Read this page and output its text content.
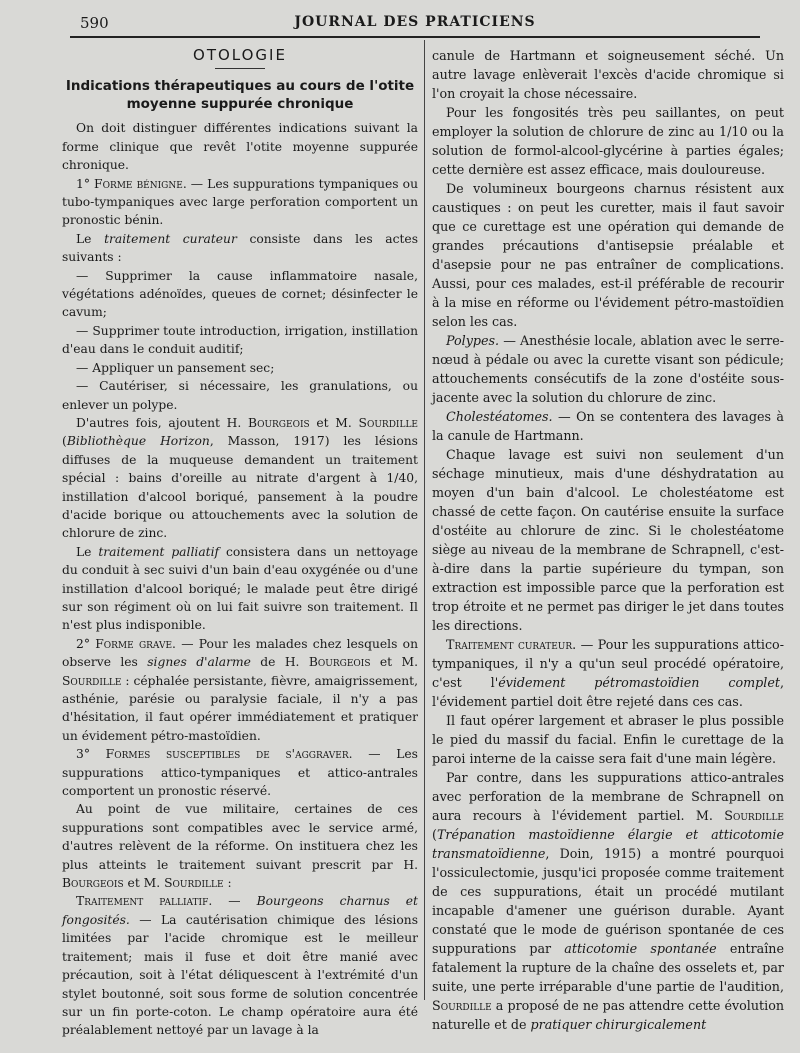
590	JOURNAL DES PRATICIENS
OTOLOGIE
Indications thérapeutiques au cours de l'otite moyenne suppurée chronique

On doit distinguer différentes indications suivant la forme clinique que revêt l'otite moyenne suppurée chronique.

1° Forme bénigne. — Les suppurations tympaniques ou tubo-tympaniques avec large perforation comportent un pronostic bénin.

Le traitement curateur consiste dans les actes suivants :

— Supprimer la cause inflammatoire nasale, végétations adénoïdes, queues de cornet; désinfecter le cavum;

— Supprimer toute introduction, irrigation, instillation d'eau dans le conduit auditif;

— Appliquer un pansement sec;

— Cautériser, si nécessaire, les granulations, ou enlever un polype.

D'autres fois, ajoutent H. Bourgeois et M. Sourdille (Bibliothèque Horizon, Masson, 1917) les lésions diffuses de la muqueuse demandent un traitement spécial : bains d'oreille au nitrate d'argent à 1/40, instillation d'alcool boriqué, pansement à la poudre d'acide borique ou attouchements avec la solution de chlorure de zinc.

Le traitement palliatif consistera dans un nettoyage du conduit à sec suivi d'un bain d'eau oxygénée ou d'une instillation d'alcool boriqué; le malade peut être dirigé sur son régiment où on lui fait suivre son traitement. Il n'est plus indisponible.

2° Forme grave. — Pour les malades chez lesquels on observe les signes d'alarme de H. Bourgeois et M. Sourdille : céphalée persistante, fièvre, amaigrissement, asthénie, parésie ou paralysie faciale, il n'y a pas d'hésitation, il faut opérer immédiatement et pratiquer un évidement pétro-mastoïdien.

3° Formes susceptibles de s'aggraver. — Les suppurations attico-tympaniques et attico-antrales comportent un pronostic réservé.

Au point de vue militaire, certaines de ces suppurations sont compatibles avec le service armé, d'autres relèvent de la réforme. On instituera chez les plus atteints le traitement suivant prescrit par H. Bourgeois et M. Sourdille :

Traitement palliatif. — Bourgeons charnus et fongosités. — La cautérisation chimique des lésions limitées par l'acide chromique est le meilleur traitement; mais il fuse et doit être manié avec précaution, soit à l'état déliquescent à l'extrémité d'un stylet boutonné, soit sous forme de solution concentrée sur un fin porte-coton. Le champ opératoire aura été préalablement nettoyé par un lavage à la

canule de Hartmann et soigneusement séché. Un autre lavage enlèverait l'excès d'acide chromique si l'on croyait la chose nécessaire.

Pour les fongosités très peu saillantes, on peut employer la solution de chlorure de zinc au 1/10 ou la solution de formol-alcool-glycérine à parties égales; cette dernière est assez efficace, mais douloureuse.

De volumineux bourgeons charnus résistent aux caustiques : on peut les curetter, mais il faut savoir que ce curettage est une opération qui demande de grandes précautions d'antisepsie préalable et d'asepsie pour ne pas entraîner de complications. Aussi, pour ces malades, est-il préférable de recourir à la mise en réforme ou l'évidement pétro-mastoïdien selon les cas.

Polypes. — Anesthésie locale, ablation avec le serre-nœud à pédale ou avec la curette visant son pédicule; attouchements consécutifs de la zone d'ostéite sous-jacente avec la solution du chlorure de zinc.

Cholestéatomes. — On se contentera des lavages à la canule de Hartmann.

Chaque lavage est suivi non seulement d'un séchage minutieux, mais d'une déshydratation au moyen d'un bain d'alcool. Le cholestéatome est chassé de cette façon. On cautérise ensuite la surface d'ostéite au chlorure de zinc. Si le cholestéatome siège au niveau de la membrane de Schrapnell, c'est-à-dire dans la partie supérieure du tympan, son extraction est impossible parce que la perforation est trop étroite et ne permet pas diriger le jet dans toutes les directions.

Traitement curateur. — Pour les suppurations attico-tympaniques, il n'y a qu'un seul procédé opératoire, c'est l'évidement pétromastoïdien complet, l'évidement partiel doit être rejeté dans ces cas.

Il faut opérer largement et abraser le plus possible le pied du massif du facial. Enfin le curettage de la paroi interne de la caisse sera fait d'une main légère.

Par contre, dans les suppurations attico-antrales avec perforation de la membrane de Schrapnell on aura recours à l'évidement partiel. M. Sourdille (Trépanation mastoïdienne élargie et atticotomie transmatoïdienne, Doin, 1915) a montré pourquoi l'ossiculectomie, jusqu'ici proposée comme traitement de ces suppurations, était un procédé mutilant incapable d'amener une guérison durable. Ayant constaté que le mode de guérison spontanée de ces suppurations par atticotomie spontanée entraîne fatalement la rupture de la chaîne des osselets et, par suite, une perte irréparable d'une partie de l'audition, Sourdille a proposé de ne pas attendre cette évolution naturelle et de pratiquer chirurgicalement
